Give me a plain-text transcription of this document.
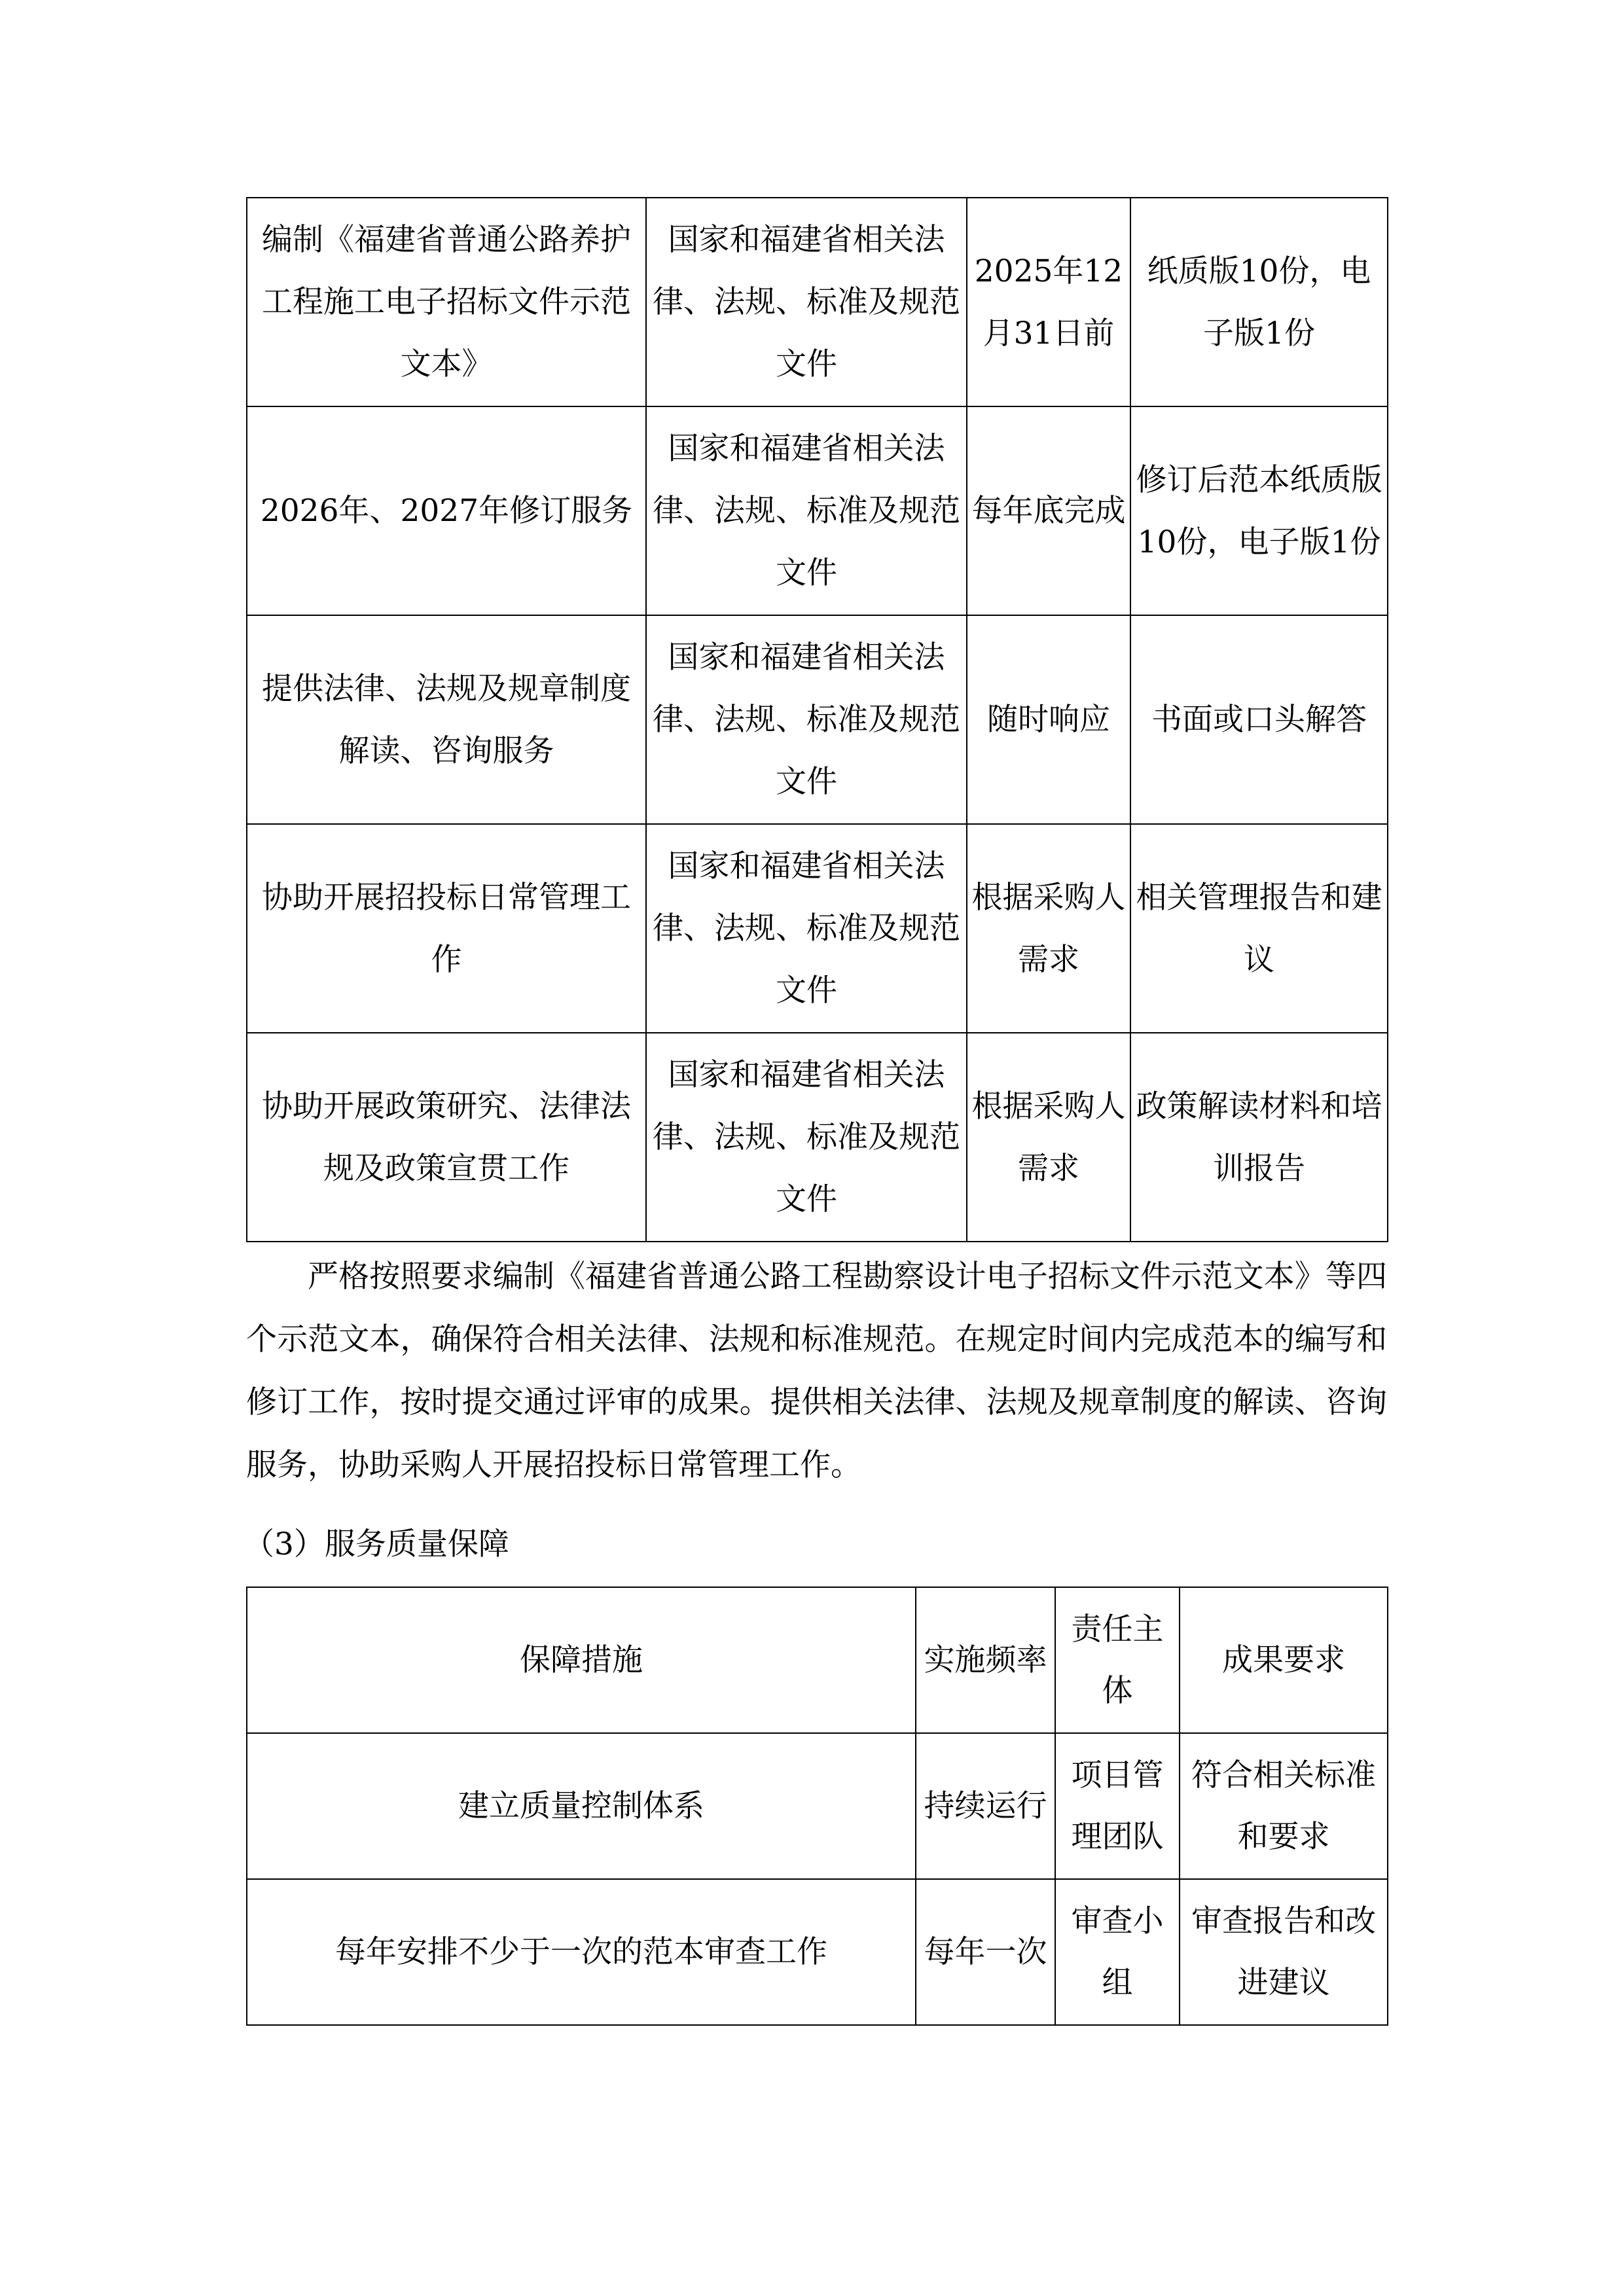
编制《福建省普通公路养护工程施工电子招标文件示范文本》	国家和福建省相关法律、法规、标准及规范文件	2025年12月31日前	纸质版10份，电子版1份
2026年、2027年修订服务	国家和福建省相关法律、法规、标准及规范文件	每年底完成	修订后范本纸质版10份，电子版1份
提供法律、法规及规章制度解读、咨询服务	国家和福建省相关法律、法规、标准及规范文件	随时响应	书面或口头解答
协助开展招投标日常管理工作	国家和福建省相关法律、法规、标准及规范文件	根据采购人需求	相关管理报告和建议
协助开展政策研究、法律法规及政策宣贯工作	国家和福建省相关法律、法规、标准及规范文件	根据采购人需求	政策解读材料和培训报告

严格按照要求编制《福建省普通公路工程勘察设计电子招标文件示范文本》等四个示范文本，确保符合相关法律、法规和标准规范。在规定时间内完成范本的编写和修订工作，按时提交通过评审的成果。提供相关法律、法规及规章制度的解读、咨询服务，协助采购人开展招投标日常管理工作。

（3）服务质量保障

保障措施	实施频率	责任主体	成果要求
建立质量控制体系	持续运行	项目管理团队	符合相关标准和要求
每年安排不少于一次的范本审查工作	每年一次	审查小组	审查报告和改进建议
